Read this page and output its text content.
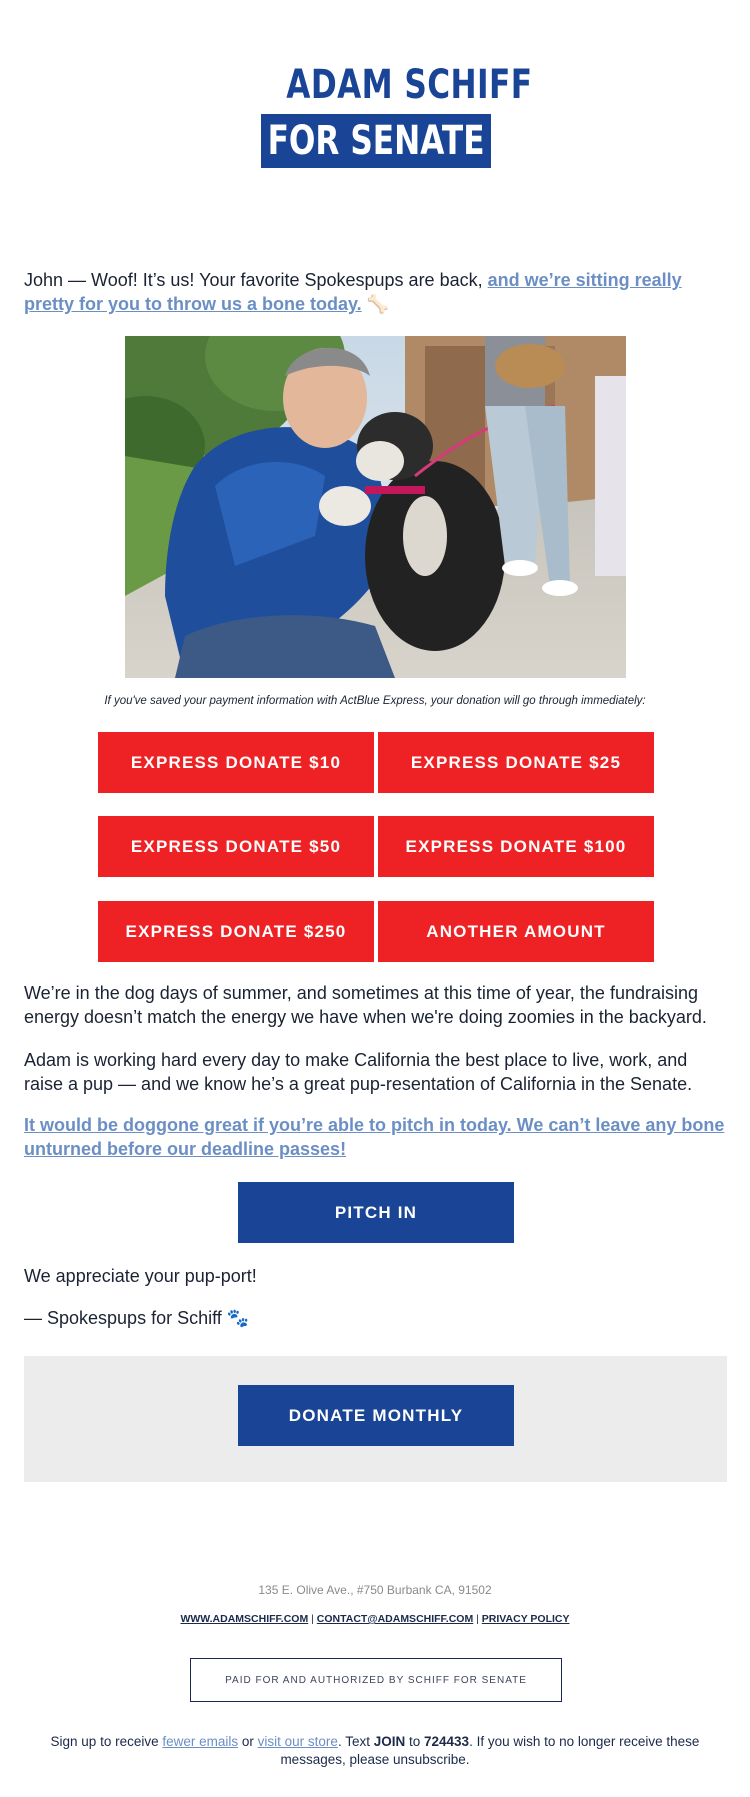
ADAM SCHIFF
FOR SENATE

John — Woof! It’s us! Your favorite Spokespups are back, and we’re sitting really pretty for you to throw us a bone today. 🦴

If you've saved your payment information with ActBlue Express, your donation will go through immediately:

EXPRESS DONATE $10	EXPRESS DONATE $25
EXPRESS DONATE $50	EXPRESS DONATE $100
EXPRESS DONATE $250	ANOTHER AMOUNT

We’re in the dog days of summer, and sometimes at this time of year, the fundraising energy doesn’t match the energy we have when we're doing zoomies in the backyard.

Adam is working hard every day to make California the best place to live, work, and raise a pup — and we know he’s a great pup-resentation of California in the Senate.

It would be doggone great if you’re able to pitch in today. We can’t leave any bone unturned before our deadline passes!

PITCH IN

We appreciate your pup-port!

— Spokespups for Schiff 🐾

DONATE MONTHLY

135 E. Olive Ave., #750 Burbank CA, 91502

WWW.ADAMSCHIFF.COM | CONTACT@ADAMSCHIFF.COM | PRIVACY POLICY

PAID FOR AND AUTHORIZED BY SCHIFF FOR SENATE

Sign up to receive fewer emails or visit our store. Text JOIN to 724433. If you wish to no longer receive these messages, please unsubscribe.
